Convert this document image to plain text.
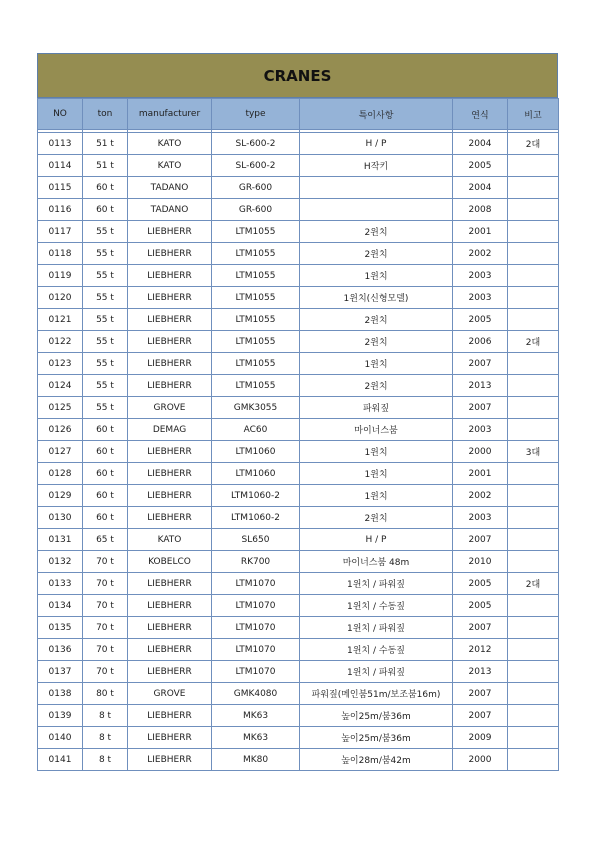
CRANES
NO	ton	manufacturer	type	특이사항	연식	비고

0113	51 t	KATO	SL-600-2	H / P	2004	2대
0114	51 t	KATO	SL-600-2	H작키	2005	
0115	60 t	TADANO	GR-600		2004	
0116	60 t	TADANO	GR-600		2008	
0117	55 t	LIEBHERR	LTM1055	2윈치	2001	
0118	55 t	LIEBHERR	LTM1055	2윈치	2002	
0119	55 t	LIEBHERR	LTM1055	1윈치	2003	
0120	55 t	LIEBHERR	LTM1055	1윈치(신형모델)	2003	
0121	55 t	LIEBHERR	LTM1055	2윈치	2005	
0122	55 t	LIEBHERR	LTM1055	2윈치	2006	2대
0123	55 t	LIEBHERR	LTM1055	1윈치	2007	
0124	55 t	LIEBHERR	LTM1055	2윈치	2013	
0125	55 t	GROVE	GMK3055	파워짚	2007	
0126	60 t	DEMAG	AC60	마이너스붐	2003	
0127	60 t	LIEBHERR	LTM1060	1윈치	2000	3대
0128	60 t	LIEBHERR	LTM1060	1윈치	2001	
0129	60 t	LIEBHERR	LTM1060-2	1윈치	2002	
0130	60 t	LIEBHERR	LTM1060-2	2윈치	2003	
0131	65 t	KATO	SL650	H / P	2007	
0132	70 t	KOBELCO	RK700	마이너스붐 48m	2010	
0133	70 t	LIEBHERR	LTM1070	1윈치 / 파워짚	2005	2대
0134	70 t	LIEBHERR	LTM1070	1윈치 / 수동짚	2005	
0135	70 t	LIEBHERR	LTM1070	1윈치 / 파워짚	2007	
0136	70 t	LIEBHERR	LTM1070	1윈치 / 수동짚	2012	
0137	70 t	LIEBHERR	LTM1070	1윈치 / 파워짚	2013	
0138	80 t	GROVE	GMK4080	파워짚(메인붐51m/보조붐16m)	2007	
0139	8 t	LIEBHERR	MK63	높이25m/붐36m	2007	
0140	8 t	LIEBHERR	MK63	높이25m/붐36m	2009	
0141	8 t	LIEBHERR	MK80	높이28m/붐42m	2000	
